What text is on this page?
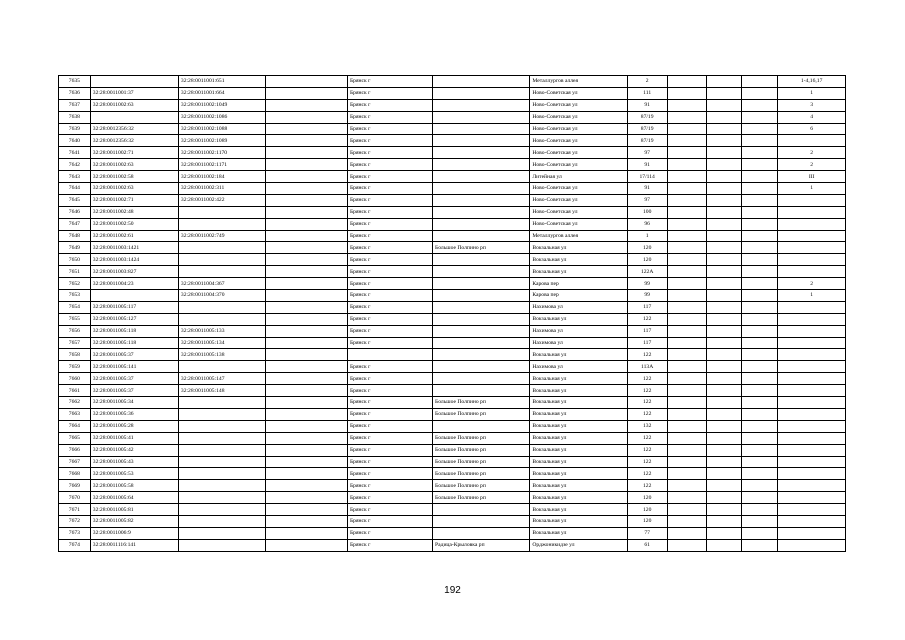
7635		32:28:0011001:651		Брянск г		Металлургов аллея	2				1-4,16,17
7636	32:28:0011001:37	32:28:0011001:664		Брянск г		Ново-Советская ул	111				1
7637	32:28:0011002:63	32:28:0011002:1049		Брянск г		Ново-Советская ул	91				3
7638		32:28:0011002:1086		Брянск г		Ново-Советская ул	87/19				4
7639	32:28:0012356:32	32:28:0011002:1088		Брянск г		Ново-Советская ул	87/19				6
7640	32:28:0012356:32	32:28:0011002:1089		Брянск г		Ново-Советская ул	87/19				
7641	32:28:0011002:71	32:28:0011002:1170		Брянск г		Ново-Советская ул	97				2
7642	32:28:0011002:63	32:28:0011002:1171		Брянск г		Ново-Советская ул	91				2
7643	32:28:0011002:58	32:28:0011002:184		Брянск г		Литейная ул	17/114				III
7644	32:28:0011002:63	32:28:0011002:311		Брянск г		Ново-Советская ул	91				1
7645	32:28:0011002:71	32:28:0011002:422		Брянск г		Ново-Советская ул	97				
7646	32:28:0011002:48			Брянск г		Ново-Советская ул	100				
7647	32:28:0011002:50			Брянск г		Ново-Советская ул	96				
7648	32:28:0011002:61	32:28:0011002:749		Брянск г		Металлургов аллея	1				
7649	32:28:0011003:1421			Брянск г	Большое Полпино рп	Вокзальная ул	120				
7650	32:28:0011003:1424			Брянск г		Вокзальная ул	120				
7651	32:28:0011003:827			Брянск г		Вокзальная ул	122А				
7652	32:28:0011004:23	32:28:0011004:367		Брянск г		Карова пер	99				2
7653		32:28:0011004:370		Брянск г		Карова пер	99				1
7654	32:28:0011005:117			Брянск г		Нахимова ул	117				
7655	32:28:0011005:127			Брянск г		Вокзальная ул	122				
7656	32:28:0011005:118	32:28:0011005:133		Брянск г		Нахимова ул	117				
7657	32:28:0011005:118	32:28:0011005:134		Брянск г		Нахимова ул	117				
7658	32:28:0011005:37	32:28:0011005:138				Вокзальная ул	122				
7659	32:28:0011005:141			Брянск г		Нахимова ул	113А				
7660	32:28:0011005:37	32:28:0011005:147		Брянск г		Вокзальная ул	122				
7661	32:28:0011005:37	32:28:0011005:148		Брянск г		Вокзальная ул	122				
7662	32:28:0011005:34			Брянск г	Большое Полпино рп	Вокзальная ул	122				
7663	32:28:0011005:36			Брянск г	Большое Полпино рп	Вокзальная ул	122				
7664	32:28:0011005:28			Брянск г		Вокзальная ул	132				
7665	32:28:0011005:41			Брянск г	Большое Полпино рп	Вокзальная ул	122				
7666	32:28:0011005:42			Брянск г	Большое Полпино рп	Вокзальная ул	122				
7667	32:28:0011005:43			Брянск г	Большое Полпино рп	Вокзальная ул	122				
7668	32:28:0011005:53			Брянск г	Большое Полпино рп	Вокзальная ул	122				
7669	32:28:0011005:58			Брянск г	Большое Полпино рп	Вокзальная ул	122				
7670	32:28:0011005:64			Брянск г	Большое Полпино рп	Вокзальная ул	120				
7671	32:28:0011005:81			Брянск г		Вокзальная ул	120				
7672	32:28:0011005:82			Брянск г		Вокзальная ул	120				
7673	32:28:0011006:9			Брянск г		Вокзальная ул	77				
7674	32:28:0011116:141			Брянск г	Радица-Крыловка рп	Орджоникидзе ул	61				
192
